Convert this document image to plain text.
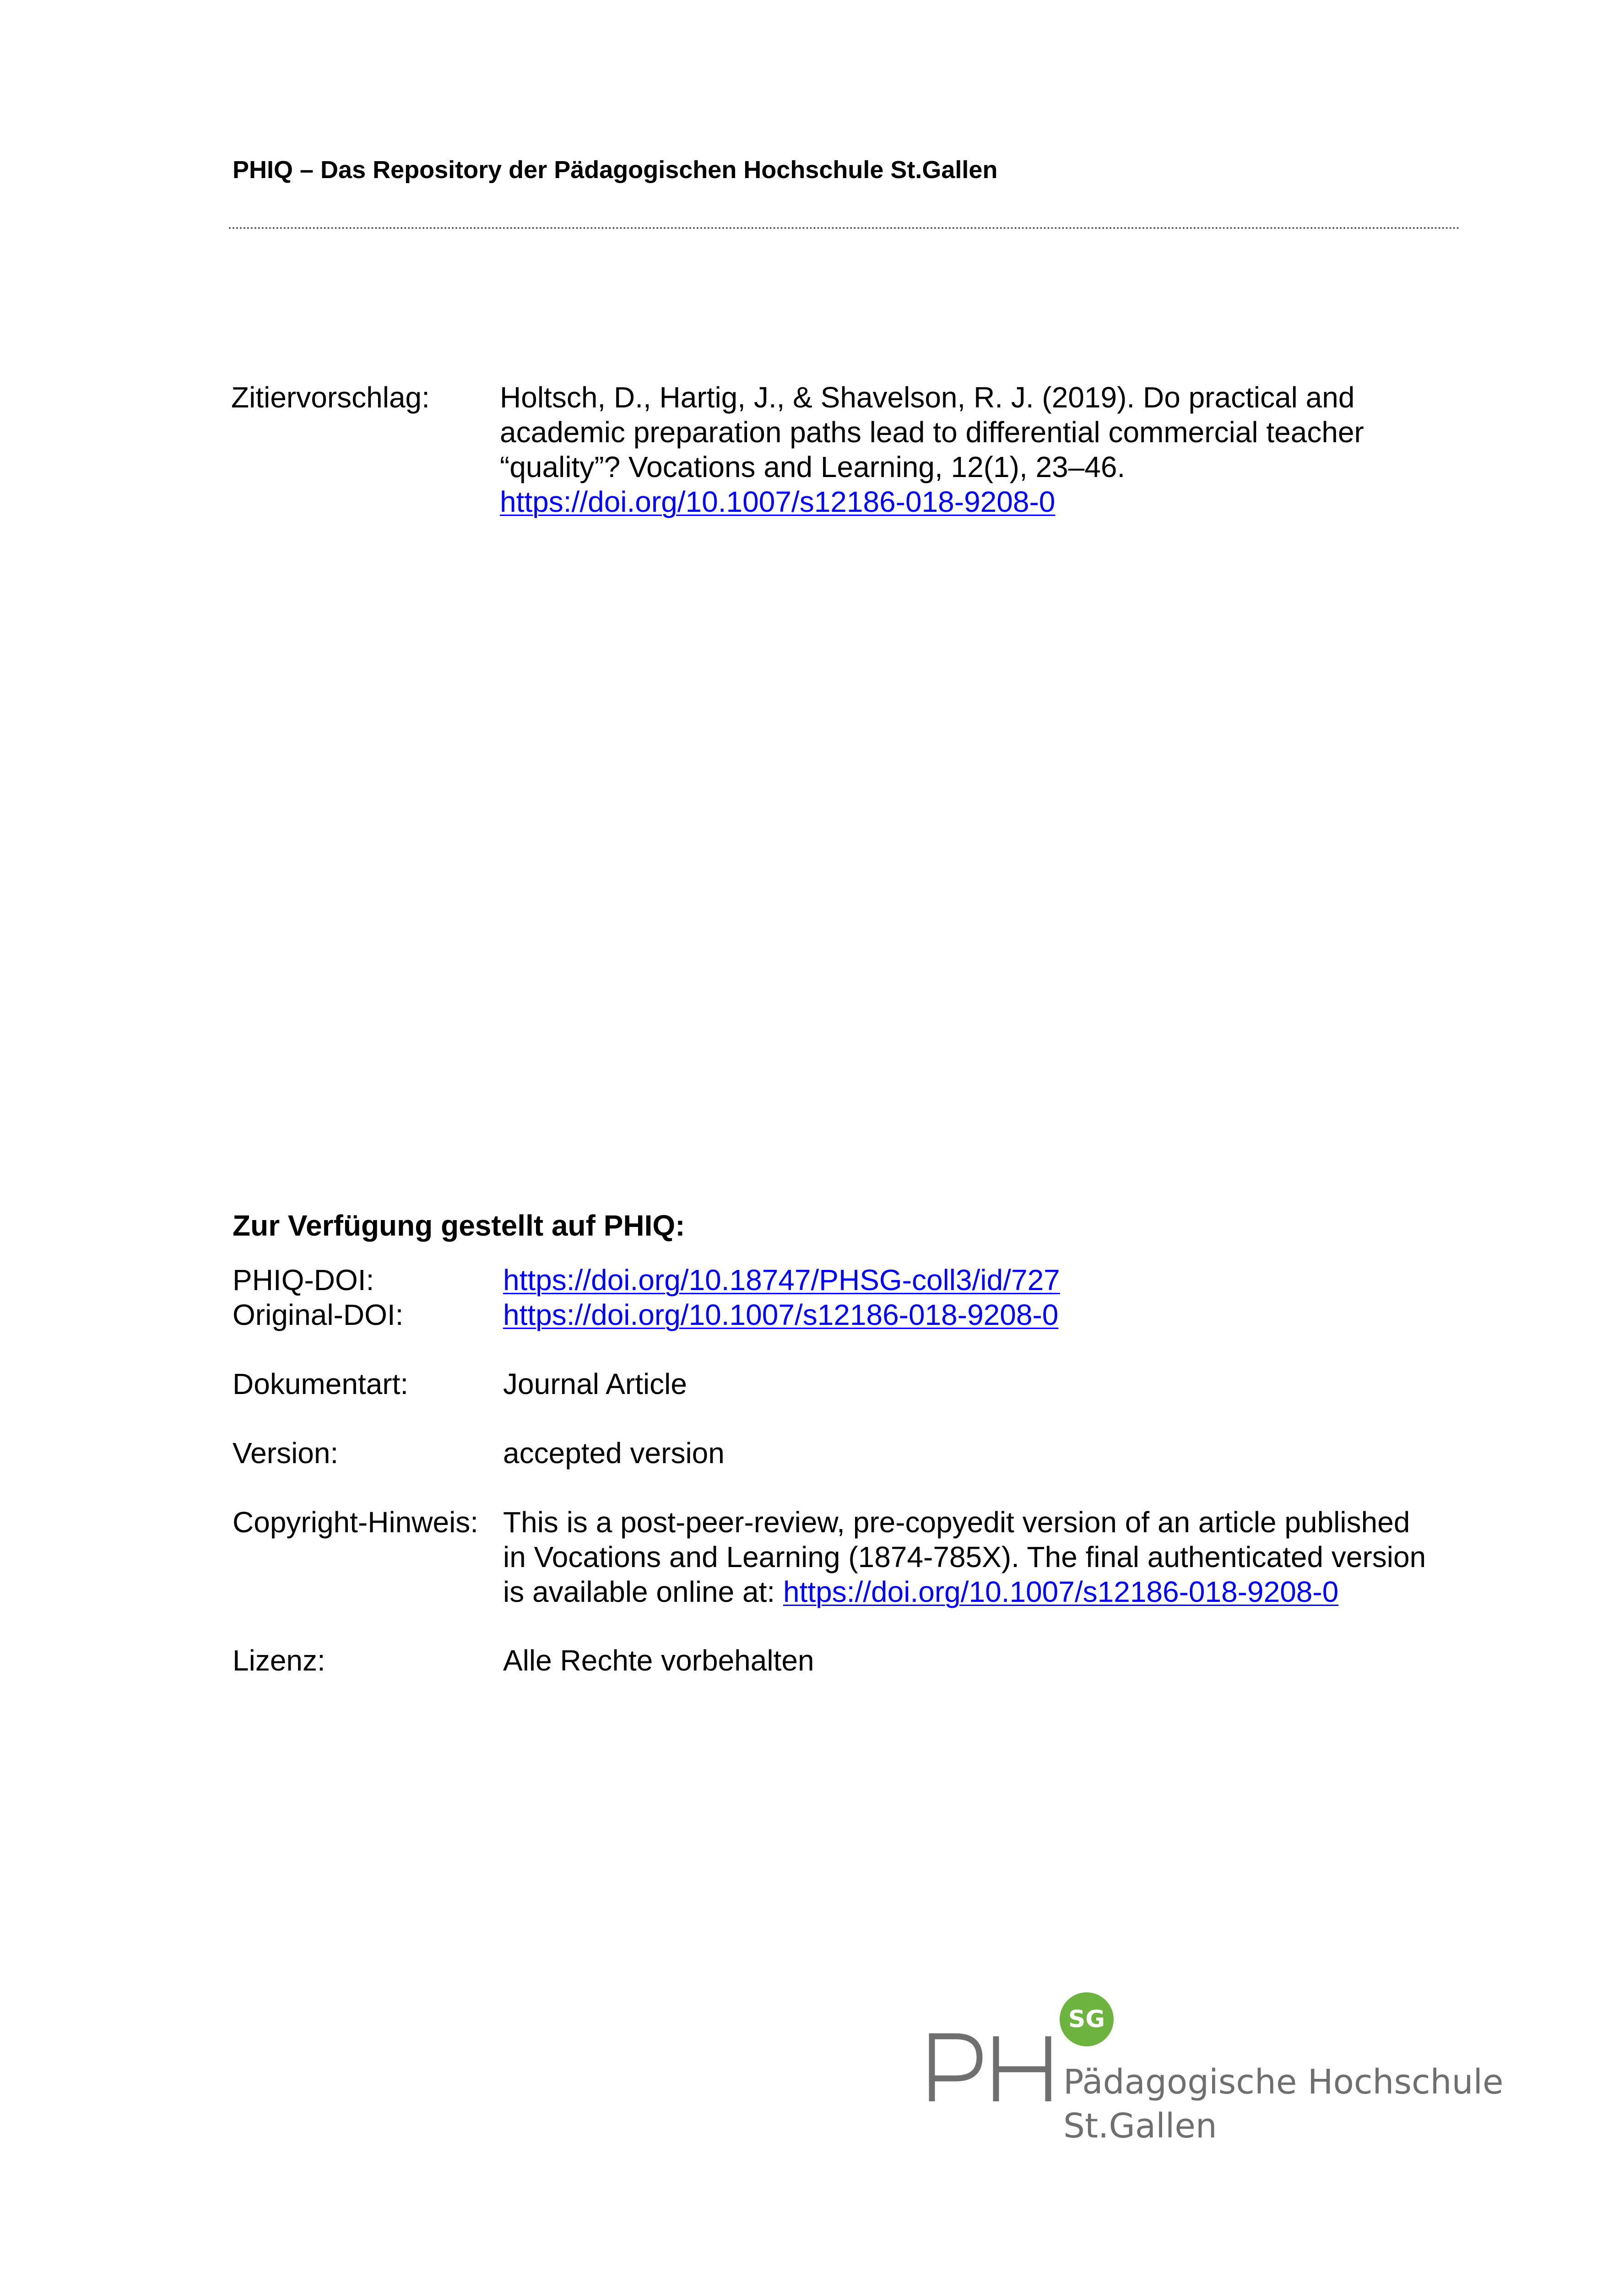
PHIQ – Das Repository der Pädagogischen Hochschule St.Gallen
Zitiervorschlag: Holtsch, D., Hartig, J., & Shavelson, R. J. (2019). Do practical and
academic preparation paths lead to differential commercial teacher
“quality”? Vocations and Learning, 12(1), 23–46.
https://doi.org/10.1007/s12186-018-9208-0
Zur Verfügung gestellt auf PHIQ:
PHIQ-DOI:	https://doi.org/10.18747/PHSG-coll3/id/727
Original-DOI:	https://doi.org/10.1007/s12186-018-9208-0
Dokumentart:	Journal Article
Version:	accepted version
Copyright-Hinweis: This is a post-peer-review, pre-copyedit version of an article published
in Vocations and Learning (1874-785X). The final authenticated version
is available online at: https://doi.org/10.1007/s12186-018-9208-0
Lizenz:	Alle Rechte vorbehalten
SG
Pädagogische Hochschule
St.Gallen
